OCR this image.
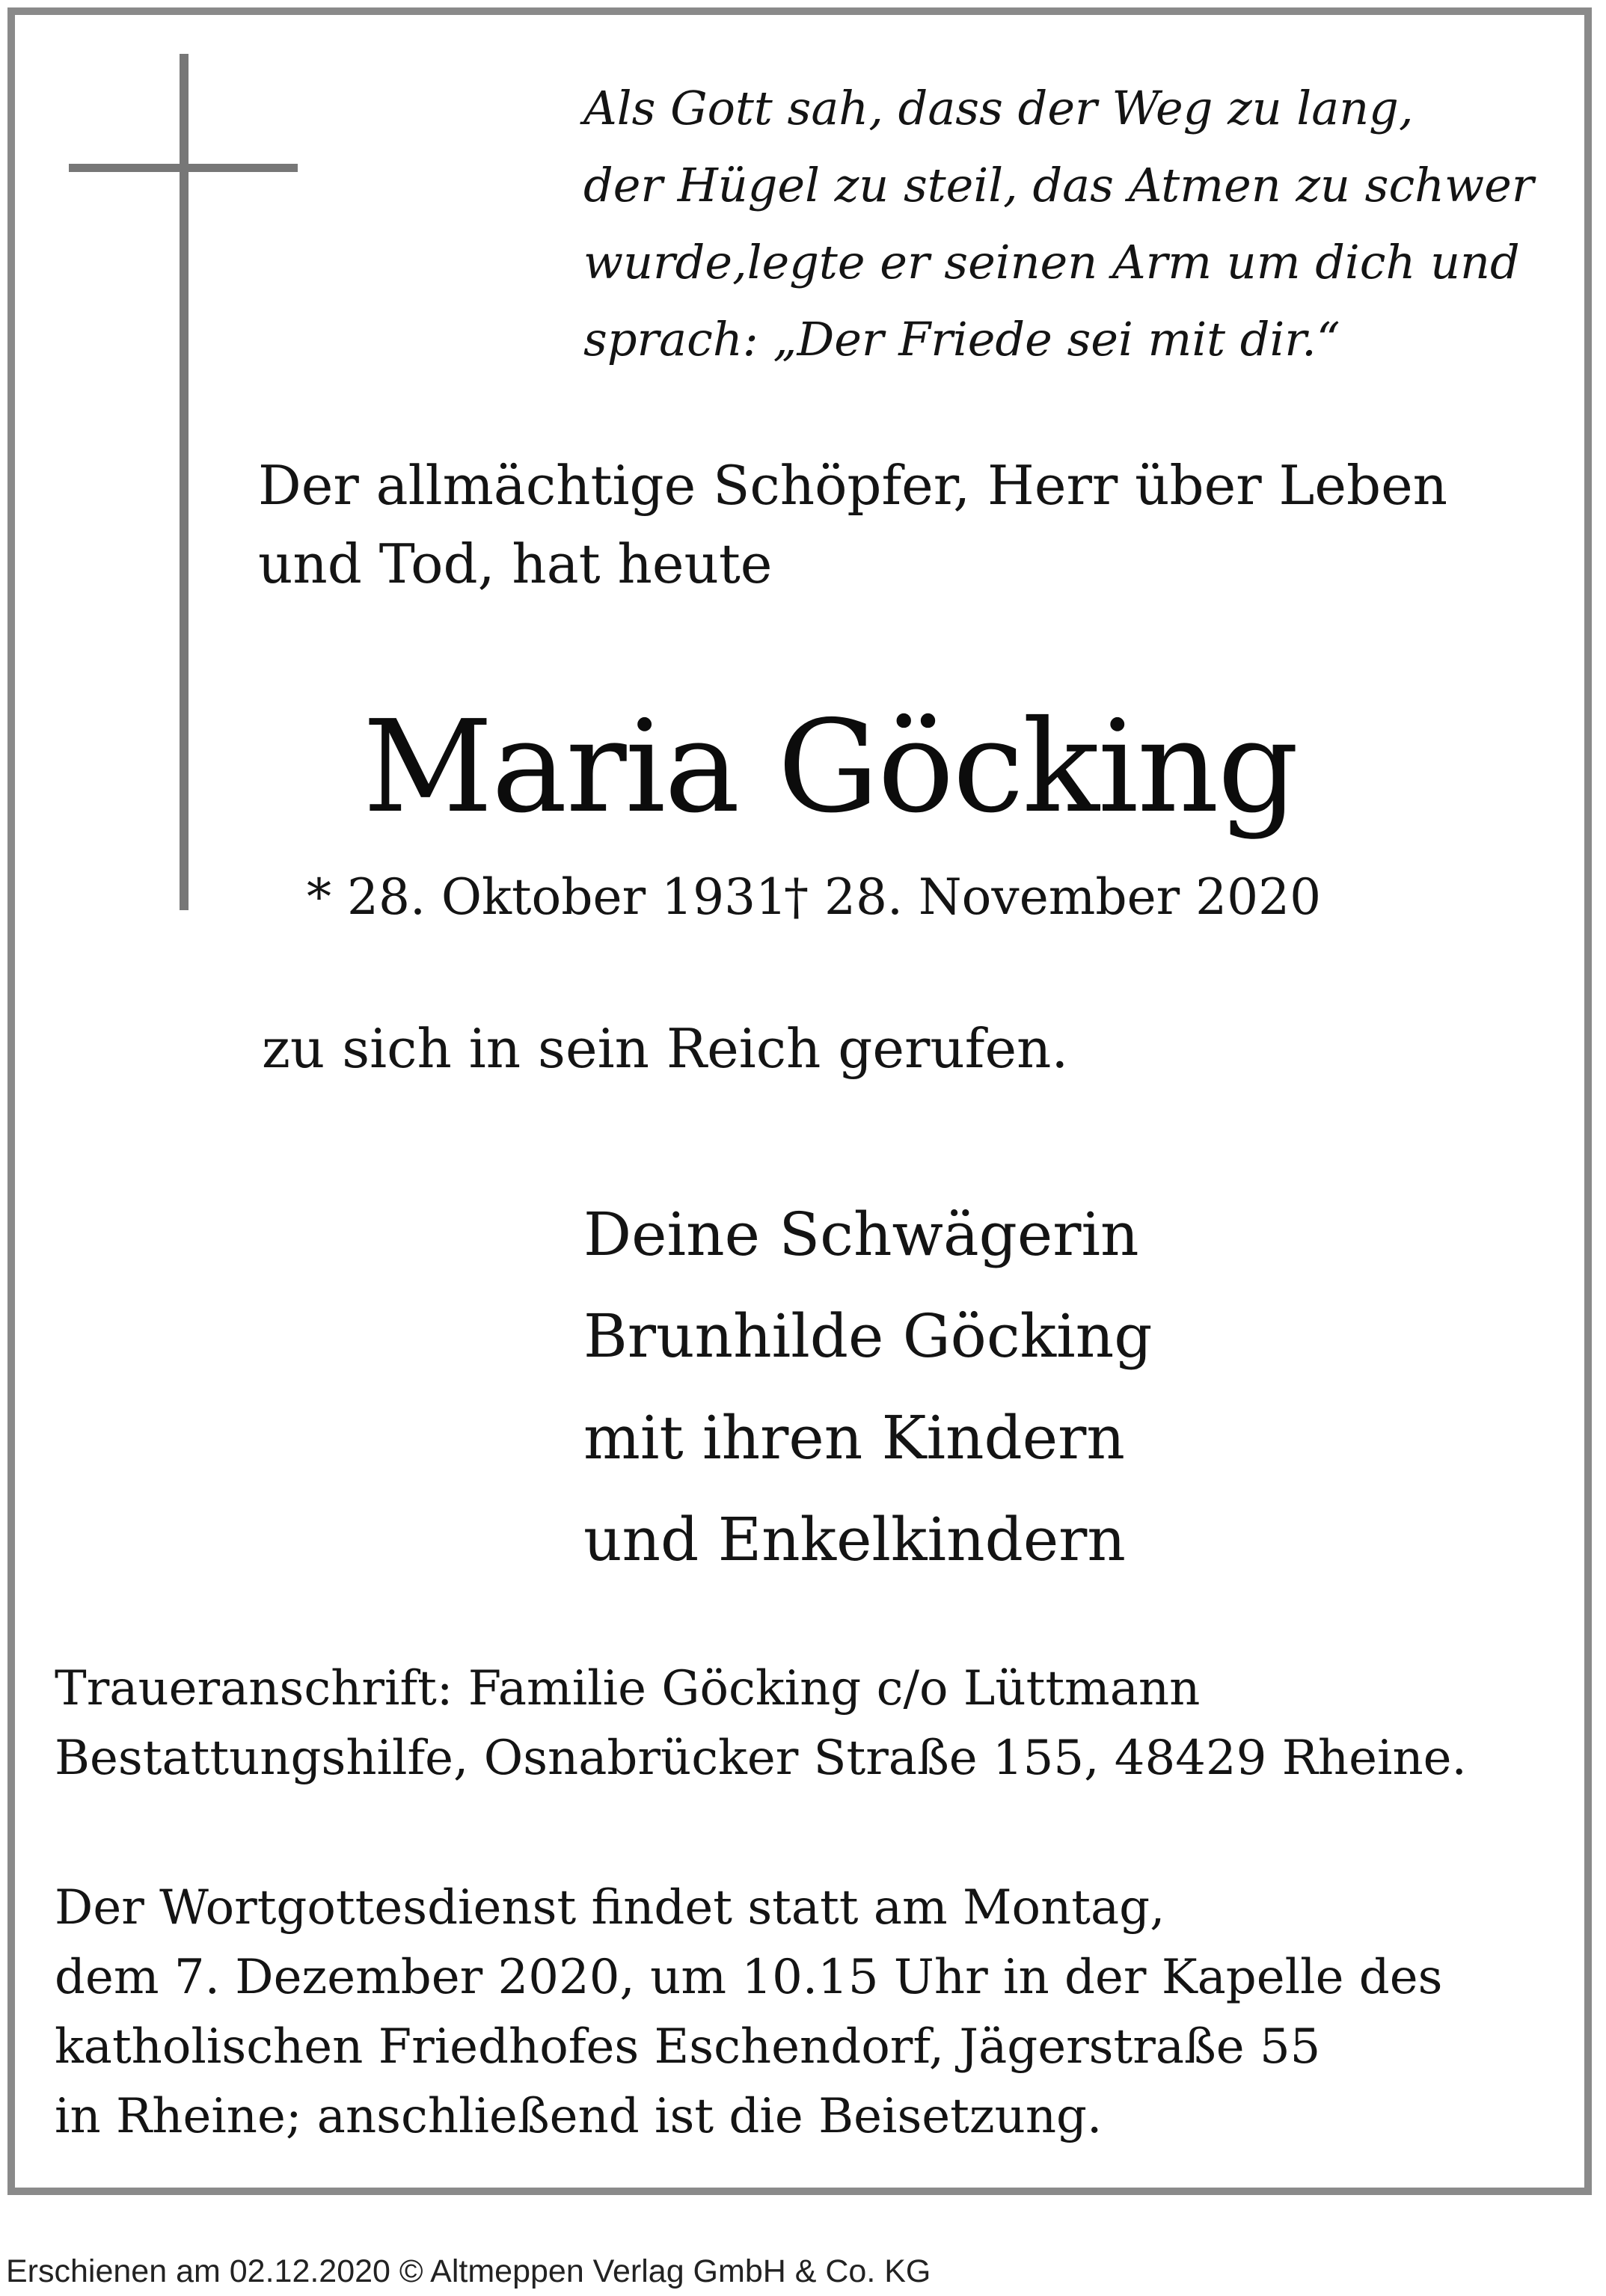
Als Gott sah, dass der Weg zu lang,

der Hügel zu steil, das Atmen zu schwer

wurde,legte er seinen Arm um dich und

sprach: „Der Friede sei mit dir.“

Der allmächtige Schöpfer, Herr über Leben

und Tod, hat heute

Maria Göcking

* 28. Oktober 1931

† 28. November 2020

zu sich in sein Reich gerufen.

Deine Schwägerin

Brunhilde Göcking

mit ihren Kindern

und Enkelkindern

Traueranschrift: Familie Göcking c/o Lüttmann

Bestattungshilfe, Osnabrücker Straße 155, 48429 Rheine.

Der Wortgottesdienst findet statt am Montag,

dem 7. Dezember 2020, um 10.15 Uhr in der Kapelle des

katholischen Friedhofes Eschendorf, Jägerstraße 55

in Rheine; anschließend ist die Beisetzung.

Erschienen am 02.12.2020 © Altmeppen Verlag GmbH & Co. KG
